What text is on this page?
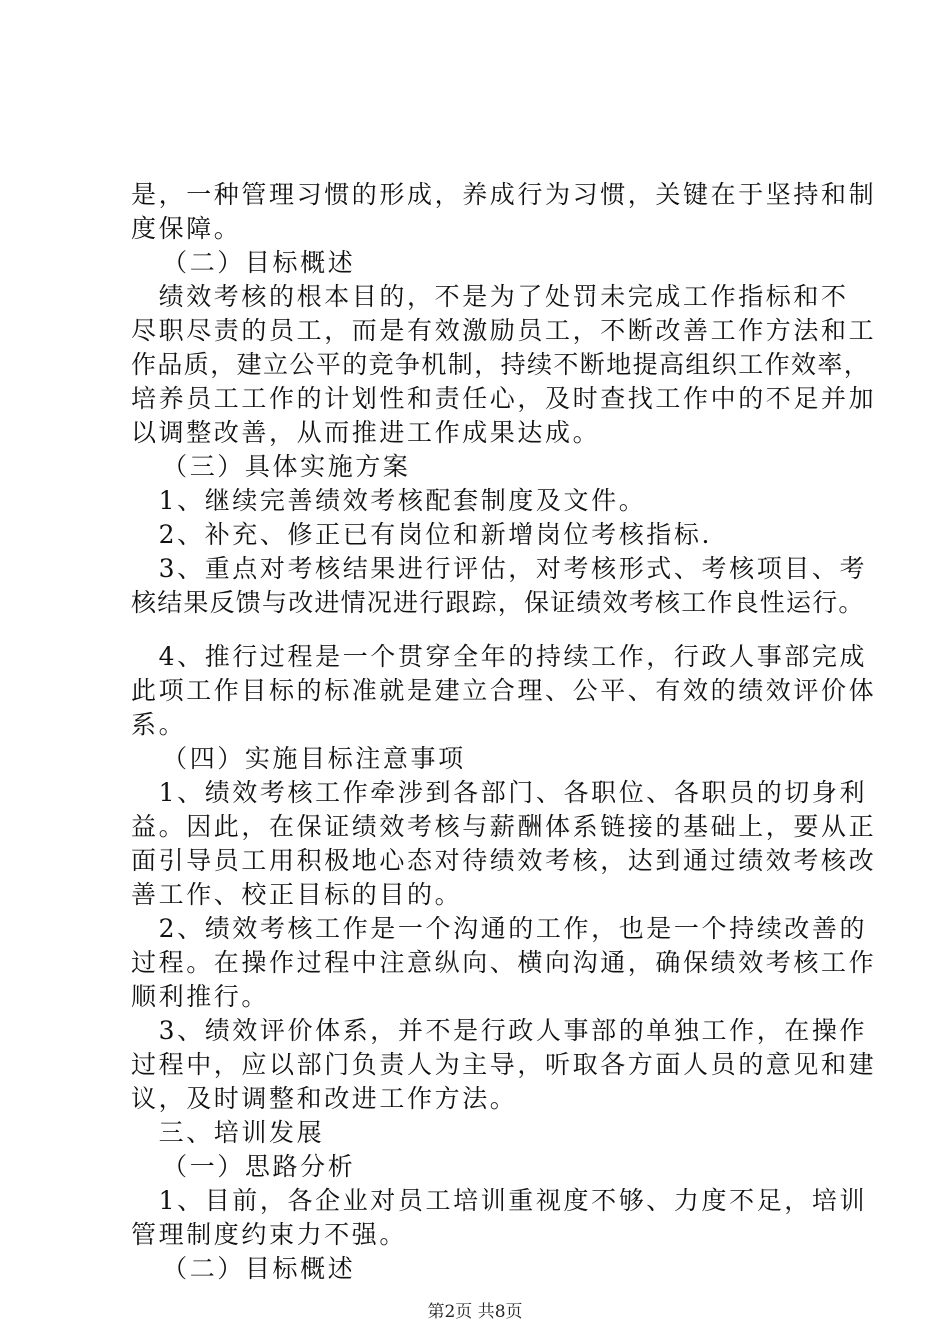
是，一种管理习惯的形成，养成行为习惯，关键在于坚持和制
度保障。
　（二）目标概述
　绩效考核的根本目的，不是为了处罚未完成工作指标和不
尽职尽责的员工，而是有效激励员工，不断改善工作方法和工
作品质，建立公平的竞争机制，持续不断地提高组织工作效率，
培养员工工作的计划性和责任心，及时查找工作中的不足并加
以调整改善，从而推进工作成果达成。
　（三）具体实施方案
　1、继续完善绩效考核配套制度及文件。
　2、补充、修正已有岗位和新增岗位考核指标.
　3、重点对考核结果进行评估，对考核形式、考核项目、考
核结果反馈与改进情况进行跟踪，保证绩效考核工作良性运行。
　4、推行过程是一个贯穿全年的持续工作，行政人事部完成
此项工作目标的标准就是建立合理、公平、有效的绩效评价体
系。
　（四）实施目标注意事项
　1、绩效考核工作牵涉到各部门、各职位、各职员的切身利
益。因此，在保证绩效考核与薪酬体系链接的基础上，要从正
面引导员工用积极地心态对待绩效考核，达到通过绩效考核改
善工作、校正目标的目的。
　2、绩效考核工作是一个沟通的工作，也是一个持续改善的
过程。在操作过程中注意纵向、横向沟通，确保绩效考核工作
顺利推行。
　3、绩效评价体系，并不是行政人事部的单独工作，在操作
过程中，应以部门负责人为主导，听取各方面人员的意见和建
议，及时调整和改进工作方法。
　三、培训发展
　（一）思路分析
　1、目前，各企业对员工培训重视度不够、力度不足，培训
管理制度约束力不强。
　（二）目标概述
第2页 共8页
